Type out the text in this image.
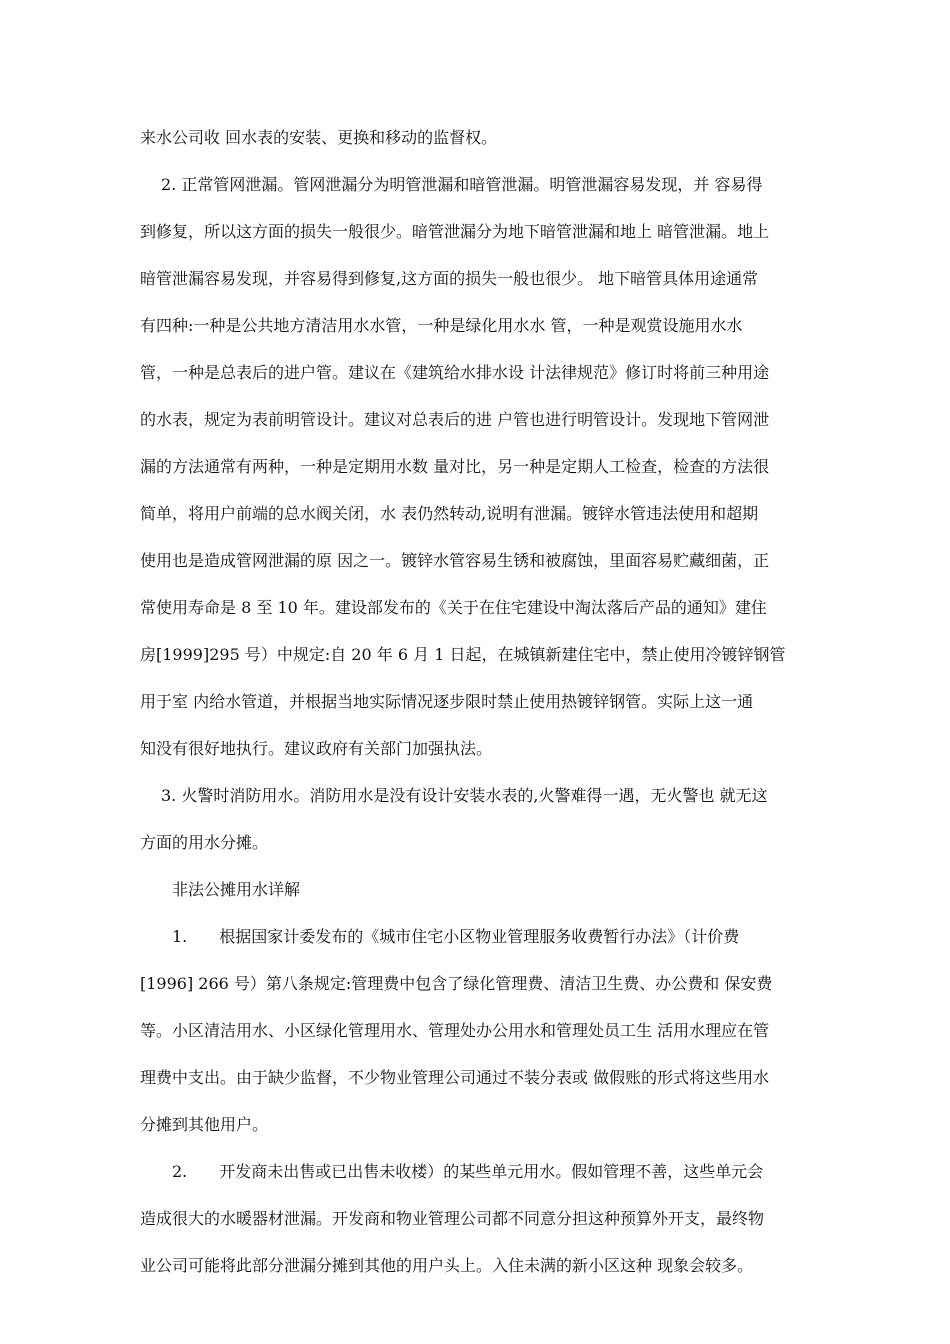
来水公司收 回水表的安装、更换和移动的监督权。
2. 正常管网泄漏。管网泄漏分为明管泄漏和暗管泄漏。明管泄漏容易发现，并 容易得
到修复，所以这方面的损失一般很少。暗管泄漏分为地下暗管泄漏和地上 暗管泄漏。地上
暗管泄漏容易发现，并容易得到修复,这方面的损失一般也很少。 地下暗管具体用途通常
有四种:一种是公共地方清洁用水水管，一种是绿化用水水 管，一种是观赏设施用水水
管，一种是总表后的进户管。建议在《建筑给水排水设 计法律规范》修订时将前三种用途
的水表，规定为表前明管设计。建议对总表后的进 户管也进行明管设计。发现地下管网泄
漏的方法通常有两种，一种是定期用水数 量对比，另一种是定期人工检查，检查的方法很
简单，将用户前端的总水阀关闭，水 表仍然转动,说明有泄漏。镀锌水管违法使用和超期
使用也是造成管网泄漏的原 因之一。镀锌水管容易生锈和被腐蚀，里面容易贮藏细菌，正
常使用寿命是 8 至 10 年。建设部发布的《关于在住宅建设中淘汰落后产品的通知》建住
房[1999]295 号）中规定:自 20 年 6 月 1 日起，在城镇新建住宅中，禁止使用冷镀锌钢管
用于室 内给水管道，并根据当地实际情况逐步限时禁止使用热镀锌钢管。实际上这一通
知没有很好地执行。建议政府有关部门加强执法。
3. 火警时消防用水。消防用水是没有设计安装水表的,火警难得一遇，无火警也 就无这
方面的用水分摊。
非法公摊用水详解
1.　　根据国家计委发布的《城市住宅小区物业管理服务收费暂行办法》（计价费
[1996] 266 号）第八条规定:管理费中包含了绿化管理费、清洁卫生费、办公费和 保安费
等。小区清洁用水、小区绿化管理用水、管理处办公用水和管理处员工生 活用水理应在管
理费中支出。由于缺少监督，不少物业管理公司通过不装分表或 做假账的形式将这些用水
分摊到其他用户。
2.　　开发商未出售或已出售未收楼）的某些单元用水。假如管理不善，这些单元会
造成很大的水暖器材泄漏。开发商和物业管理公司都不同意分担这种预算外开支，最终物
业公司可能将此部分泄漏分摊到其他的用户头上。入住未满的新小区这种 现象会较多。
